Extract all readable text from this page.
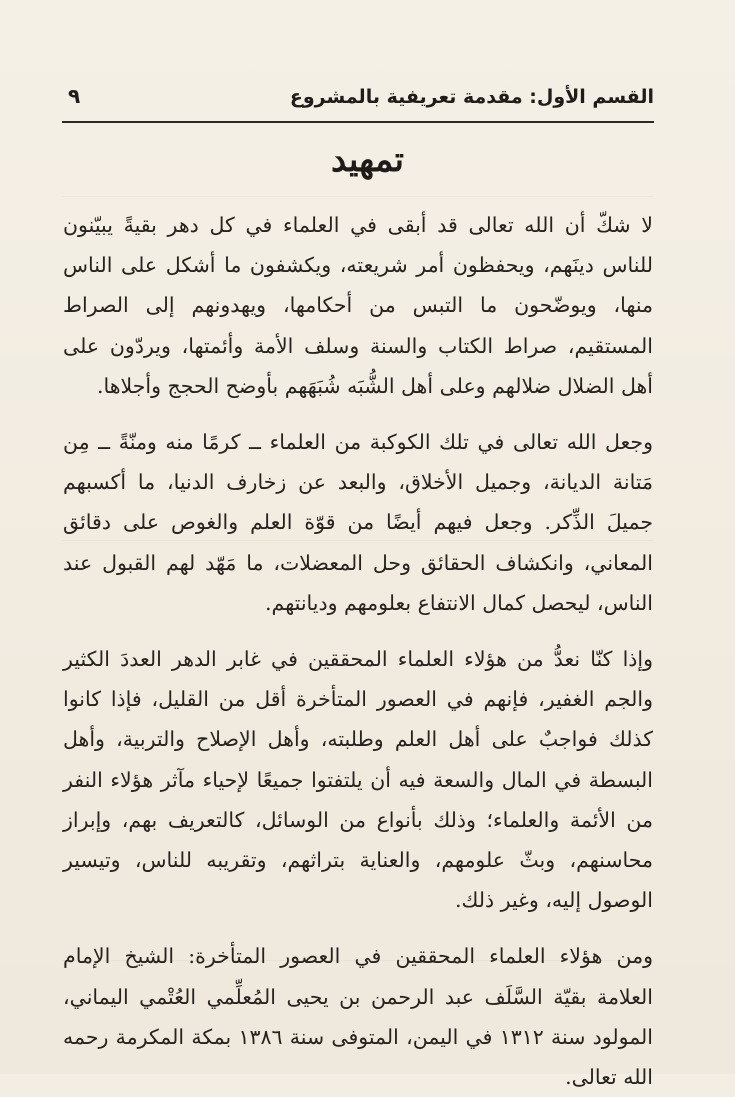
القسم الأول: مقدمة تعريفية بالمشروع
٩
تمهيد

لا شكّ أن الله تعالى قد أبقى في العلماء في كل دهر بقيةً يبيّنون للناس دينَهم، ويحفظون أمر شريعته، ويكشفون ما أشكل على الناس منها، ويوضّحون ما التبس من أحكامها، ويهدونهم إلى الصراط المستقيم، صراط الكتاب والسنة وسلف الأمة وأئمتها، ويردّون على أهل الضلال ضلالهم وعلى أهل الشُّبَه شُبَهَهم بأوضح الحجج وأجلاها.

وجعل الله تعالى في تلك الكوكبة من العلماء ــ كرمًا منه ومنّةً ــ مِن مَتانة الديانة، وجميل الأخلاق، والبعد عن زخارف الدنيا، ما أكسبهم جميلَ الذِّكر. وجعل فيهم أيضًا من قوّة العلم والغوص على دقائق المعاني، وانكشاف الحقائق وحل المعضلات، ما مَهّد لهم القبول عند الناس، ليحصل كمال الانتفاع بعلومهم وديانتهم.

وإذا كنّا نعدُّ من هؤلاء العلماء المحققين في غابر الدهر العددَ الكثير والجم الغفير، فإنهم في العصور المتأخرة أقل من القليل، فإذا كانوا كذلك فواجبٌ على أهل العلم وطلبته، وأهل الإصلاح والتربية، وأهل البسطة في المال والسعة فيه أن يلتفتوا جميعًا لإحياء مآثر هؤلاء النفر من الأئمة والعلماء؛ وذلك بأنواع من الوسائل، كالتعريف بهم، وإبراز محاسنهم، وبثّ علومهم، والعناية بتراثهم، وتقريبه للناس، وتيسير الوصول إليه، وغير ذلك.

ومن هؤلاء العلماء المحققين في العصور المتأخرة: الشيخ الإمام العلامة بقيّة السَّلَف عبد الرحمن بن يحيى المُعلِّمي العُتْمي اليماني، المولود سنة ١٣١٢ في اليمن، المتوفى سنة ١٣٨٦ بمكة المكرمة رحمه الله تعالى.
